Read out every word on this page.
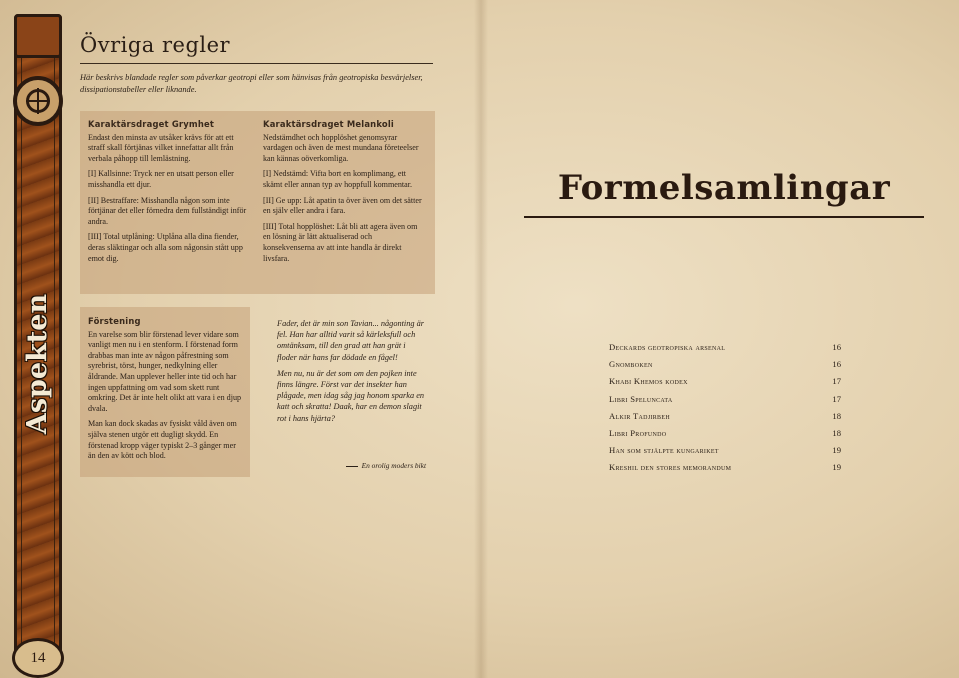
Aspekten
14
Övriga regler
Här beskrivs blandade regler som påverkar geotropi eller som hänvisas från geotropiska besvärjelser, dissipationstabeller eller liknande.
Karaktärsdraget Grymhet

Endast den minsta av utsåker krävs för att ett straff skall förtjänas vilket innefattar allt från verbala påhopp till lemlästning.

[I] Kallsinne: Tryck ner en utsatt person eller misshandla ett djur.

[II] Bestraffare: Misshandla någon som inte förtjänar det eller förnedra dem fullständigt inför andra.

[III] Total utplåning: Utplåna alla dina fiender, deras släktingar och alla som någonsin stått upp emot dig.

Karaktärsdraget Melankoli

Nedstämdhet och hopplöshet genomsyrar vardagen och även de mest mundana företeelser kan kännas oöverkomliga.

[I] Nedstämd: Vifta bort en komplimang, ett skämt eller annan typ av hoppfull kommentar.

[II] Ge upp: Låt apatin ta över även om det sätter en själv eller andra i fara.

[III] Total hopplöshet: Låt bli att agera även om en lösning är lätt aktualiserad och konsekvenserna av att inte handla är direkt livsfara.

Förstening

En varelse som blir förstenad lever vidare som vanligt men nu i en stenform. I förstenad form drabbas man inte av någon påfrestning som syrebrist, törst, hunger, nedkylning eller åldrande. Man upplever heller inte tid och har ingen uppfattning om vad som skett runt omkring. Det är inte helt olikt att vara i en djup dvala.

Man kan dock skadas av fysiskt våld även om själva stenen utgör ett dugligt skydd. En förstenad kropp väger typiskt 2–3 gånger mer än den av kött och blod.

Fader, det är min son Tavian... någonting är fel. Han har alltid varit så kärleksfull och omtänksam, till den grad att han grät i floder när hans far dödade en fågel!

Men nu, nu är det som om den pojken inte finns längre. Först var det insekter han plågade, men idag såg jag honom sparka en katt och skratta! Daak, har en demon slagit rot i hans hjärta?

En orolig moders bikt
Formelsamlingar
Deckards geotropiska arsenal	16
Gnomboken	16
Khabi Khemos kodex	17
Libri Speluncata	17
Alkir Tadjirbeh	18
Libri Profundo	18
Han som stjälpte kungariket	19
Kreshil den stores memorandum	19
